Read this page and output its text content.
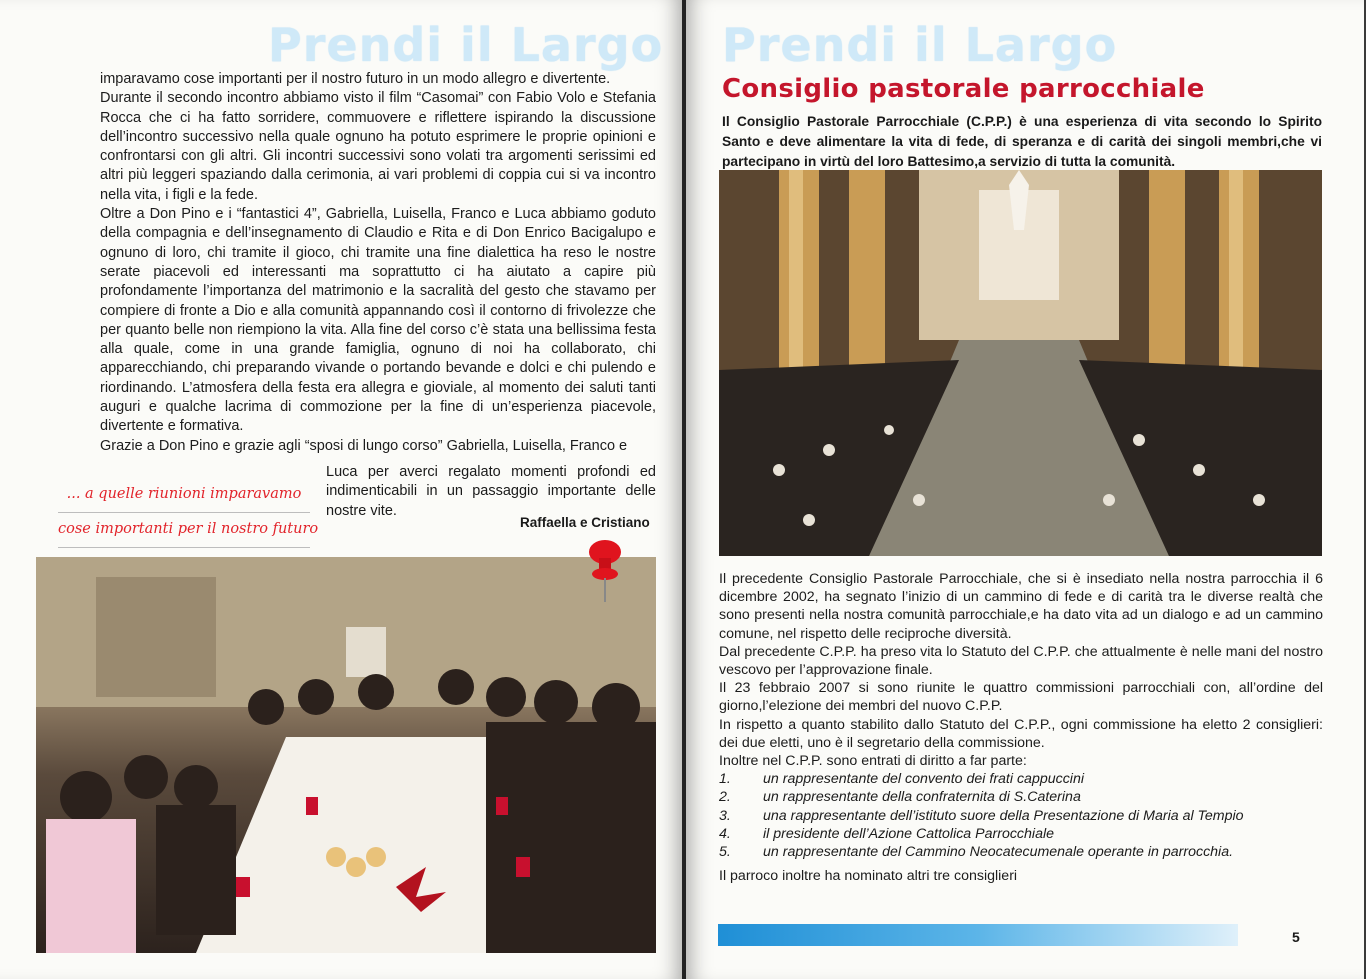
Prendi il Largo

imparavamo cose importanti per il nostro futuro in un modo allegro e divertente.

Durante il secondo incontro abbiamo visto il film “Casomai” con Fabio Volo e Stefania Rocca che ci ha fatto sorridere, commuovere e riflettere ispirando la discussione dell’incontro successivo nella quale ognuno ha potuto esprimere le proprie opinioni e confrontarsi con gli altri. Gli incontri successivi sono volati tra argomenti serissimi ed altri più leggeri spaziando dalla cerimonia, ai vari problemi di coppia cui si va incontro nella vita, i figli e la fede.

Oltre a Don Pino e i “fantastici 4”, Gabriella, Luisella, Franco e Luca abbiamo goduto della compagnia e dell’insegnamento di Claudio e Rita e di Don Enrico Bacigalupo e ognuno di loro, chi tramite il gioco, chi tramite una fine dialettica ha reso le nostre serate piacevoli ed interessanti ma soprattutto ci ha aiutato a capire più profondamente l’importanza del matrimonio e la sacralità del gesto che stavamo per compiere di fronte a Dio e alla comunità appannando così il contorno di frivolezze che per quanto belle non riempiono la vita. Alla fine del corso c’è stata una bellissima festa alla quale, come in una grande famiglia, ognuno di noi ha collaborato, chi apparecchiando, chi preparando vivande o portando bevande e dolci e chi pulendo e riordinando. L’atmosfera della festa era allegra e gioviale, al momento dei saluti tanti auguri e qualche lacrima di commozione per la fine di un’esperienza piacevole, divertente e formativa.

Grazie a Don Pino e grazie agli “sposi di lungo corso” Gabriella, Luisella, Franco e

... a quelle riunioni imparavamo
cose importanti per il nostro futuro
Luca per averci regalato momenti profondi ed indimenticabili in un passaggio importante delle nostre vite.
Raffaella e Cristiano
Prendi il Largo
Consiglio pastorale parrocchiale
Il Consiglio Pastorale Parrocchiale (C.P.P.) è una esperienza di vita secondo lo Spirito Santo e deve alimentare la vita di fede, di speranza e di carità dei singoli membri,che vi partecipano in virtù del loro Battesimo,a servizio di tutta la comunità.

Il precedente Consiglio Pastorale Parrocchiale, che si è insediato nella nostra parrocchia il 6 dicembre 2002, ha segnato l’inizio di un cammino di fede e di carità tra le diverse realtà che sono presenti nella nostra comunità parrocchiale,e ha dato vita ad un dialogo e ad un cammino comune, nel rispetto delle reciproche diversità.

Dal precedente C.P.P. ha preso vita lo Statuto del C.P.P. che attualmente è nelle mani del nostro vescovo per l’approvazione finale.

Il 23 febbraio 2007 si sono riunite le quattro commissioni parrocchiali con, all’ordine del giorno,l’elezione dei membri del nuovo C.P.P.

In rispetto a quanto stabilito dallo Statuto del C.P.P., ogni commissione ha eletto 2 consiglieri: dei due eletti, uno è il segretario della commissione.

Inoltre nel C.P.P. sono entrati di diritto a far parte:

1.	un rappresentante del convento dei frati cappuccini
2.	un rappresentante della confraternita di S.Caterina
3.	una rappresentante dell’istituto suore della Presentazione di Maria al Tempio
4.	il presidente dell’Azione Cattolica Parrocchiale
5.	un rappresentante del Cammino Neocatecumenale operante in parrocchia.

Il parroco inoltre ha nominato altri tre consiglieri

5
